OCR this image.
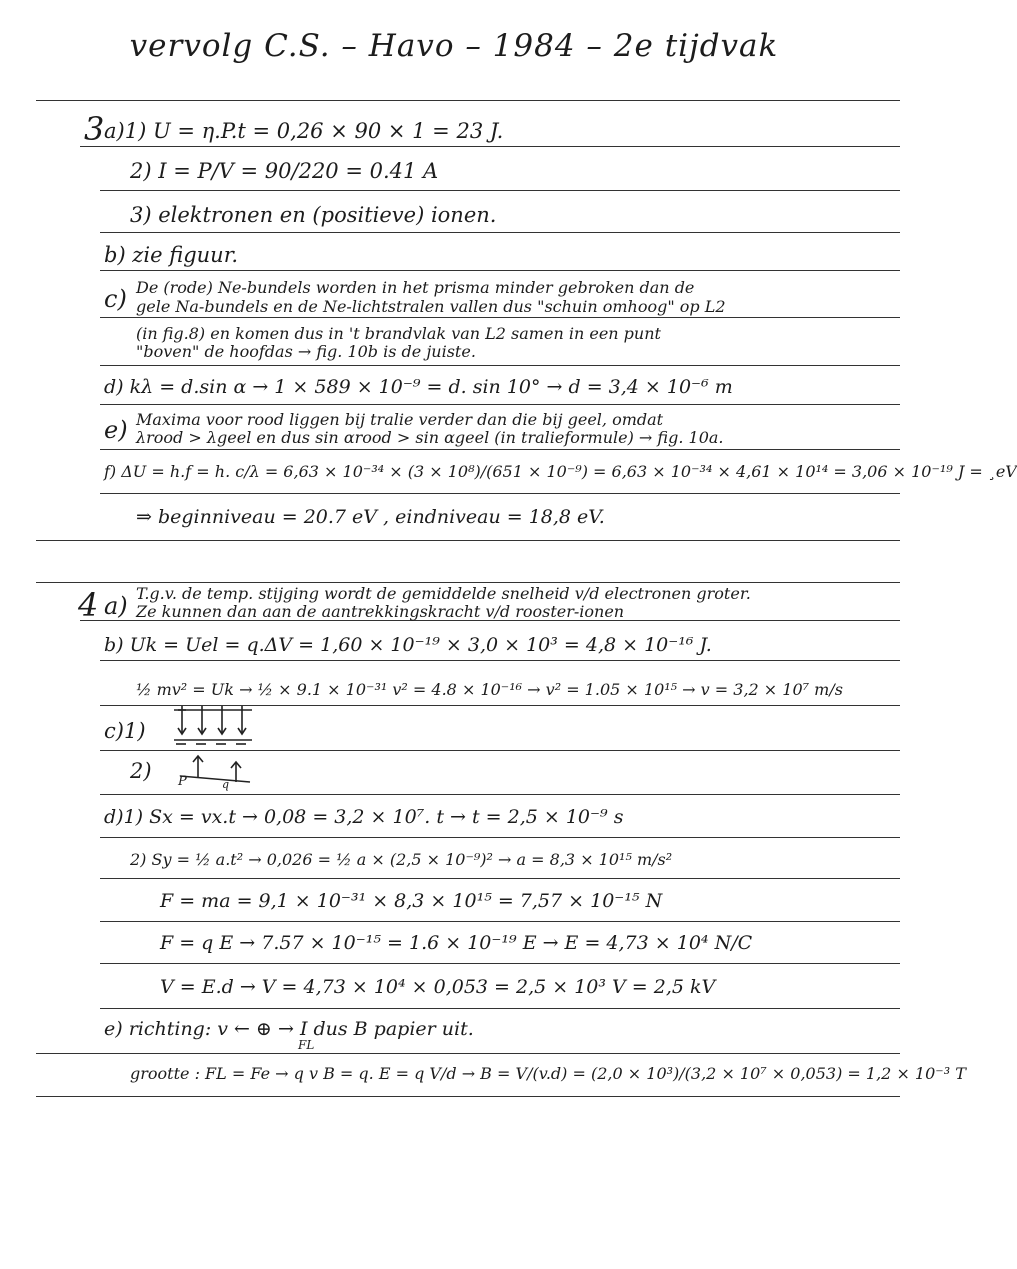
vervolg C.S. – Havo – 1984 – 2e tijdvak
3 a)1) U = η.P.t = 0,26 × 90 × 1 = 23 J.
2) I = P/V = 90/220 = 0.41 A
3) elektronen en (positieve) ionen.
b) zie figuur.
c) De (rode) Ne-bundels worden in het prisma minder gebroken dan de
gele Na-bundels en de Ne-lichtstralen vallen dus "schuin omhoog" op L2
(in fig.8) en komen dus in 't brandvlak van L2 samen in een punt
"boven" de hoofdas → fig. 10b is de juiste.
d) kλ = d.sin α → 1 × 589 × 10⁻⁹ = d. sin 10° → d = 3,4 × 10⁻⁶ m
e) Maxima voor rood liggen bij tralie verder dan die bij geel, omdat
λrood > λgeel en dus sin αrood > sin αgeel (in tralieformule) → fig. 10a.
f) ΔU = h.f = h. c/λ = 6,63 × 10⁻³⁴ × (3 × 10⁸)/(651 × 10⁻⁹) = 6,63 × 10⁻³⁴ × 4,61 × 10¹⁴ = 3,06 × 10⁻¹⁹ J = ¸eV
⇒ beginniveau = 20.7 eV , eindniveau = 18,8 eV.
4 a) T.g.v. de temp. stijging wordt de gemiddelde snelheid v/d electronen groter.
Ze kunnen dan aan de aantrekkingskracht v/d rooster-ionen
b) Uk = Uel = q.ΔV = 1,60 × 10⁻¹⁹ × 3,0 × 10³ = 4,8 × 10⁻¹⁶ J.
½ mv² = Uk → ½ × 9.1 × 10⁻³¹ v² = 4.8 × 10⁻¹⁶ → v² = 1.05 × 10¹⁵ → v = 3,2 × 10⁷ m/s
c)1)
2) P	q
d)1) Sx = vx.t → 0,08 = 3,2 × 10⁷. t → t = 2,5 × 10⁻⁹ s
2) Sy = ½ a.t² → 0,026 = ½ a × (2,5 × 10⁻⁹)² → a = 8,3 × 10¹⁵ m/s²
F = ma = 9,1 × 10⁻³¹ × 8,3 × 10¹⁵ = 7,57 × 10⁻¹⁵ N
F = q E → 7.57 × 10⁻¹⁵ = 1.6 × 10⁻¹⁹ E → E = 4,73 × 10⁴ N/C
V = E.d → V = 4,73 × 10⁴ × 0,053 = 2,5 × 10³ V = 2,5 kV
e) richting: v ← ⊕ → I dus B papier uit.
FL
grootte : FL = Fe → q v B = q. E = q V/d → B = V/(v.d) = (2,0 × 10³)/(3,2 × 10⁷ × 0,053) = 1,2 × 10⁻³ T
